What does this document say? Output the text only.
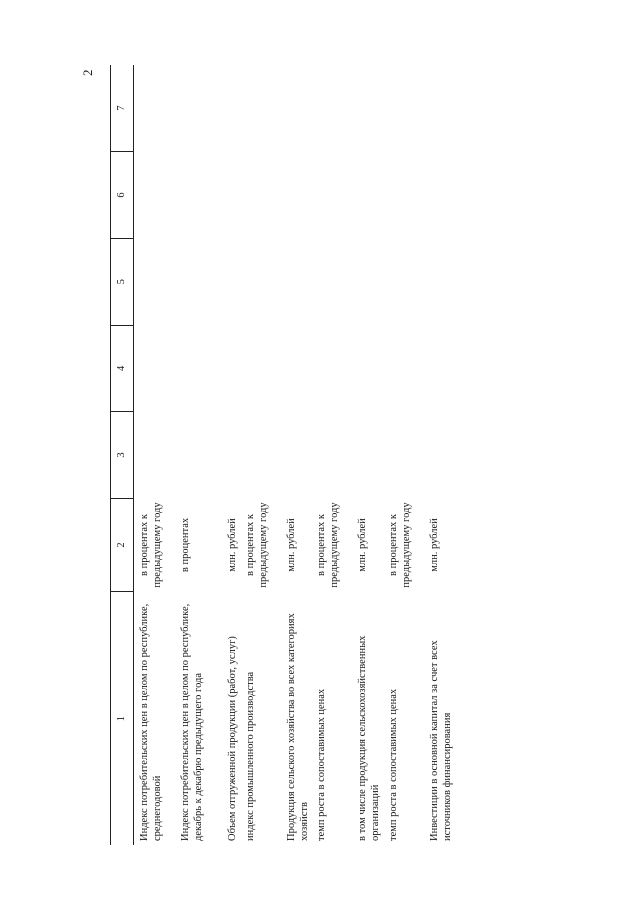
2
1	2	3	4	5	6	7
Индекс потребительских цен в целом по республике, среднегодовой	в процентах к предыдущему году					
Индекс потребительских цен в целом по республике, декабрь к декабрю предыдущего года	в процентах					
Объем отгруженной продукции (работ, услуг)	млн. рублей					
индекс промышленного производства	в процентах к предыдущему году					
Продукция сельского хозяйства во всех категориях хозяйств	млн. рублей					
темп роста в сопоставимых ценах	в процентах к предыдущему году					
в том числе продукция сельскохозяйственных организаций	млн. рублей					
темп роста в сопоставимых ценах	в процентах к предыдущему году					
Инвестиции в основной капитал за счет всех источников финансирования	млн. рублей					
